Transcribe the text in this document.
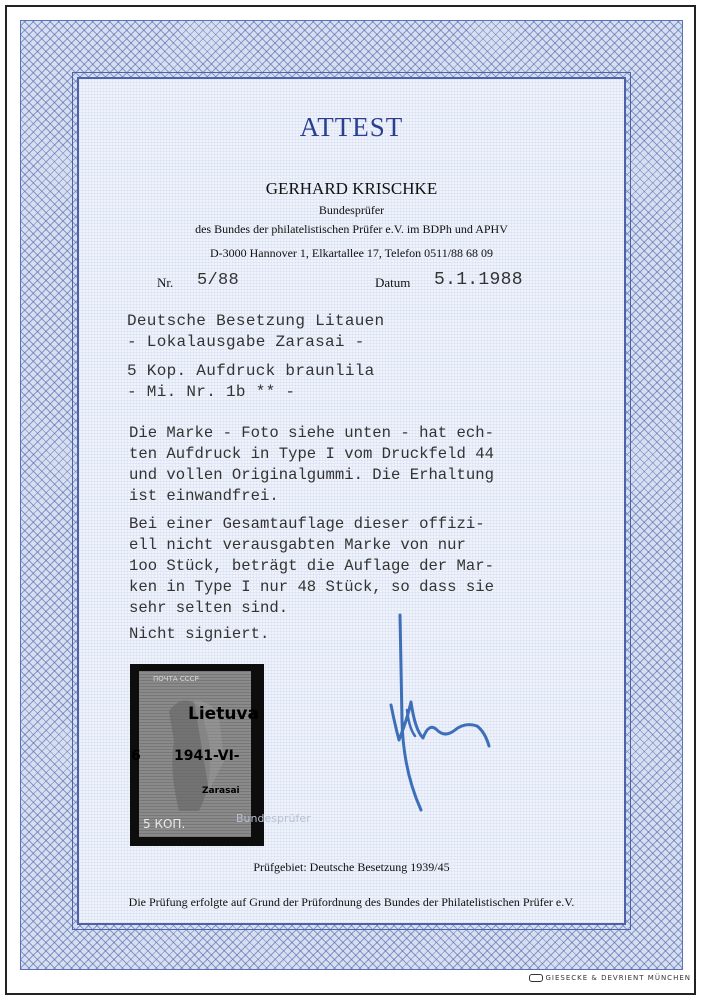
ATTEST
GERHARD KRISCHKE
Bundesprüfer
des Bundes der philatelistischen Prüfer e.V. im BDPh und APHV
D-3000 Hannover 1, Elkartallee 17, Telefon 0511/88 68 09
Nr. 5/88	Datum 5.1.1988
Deutsche Besetzung Litauen
- Lokalausgabe Zarasai -
5 Kop. Aufdruck braunlila
- Mi. Nr. 1b ** -
Die Marke - Foto siehe unten - hat ech-
ten Aufdruck in Type I vom Druckfeld 44
und vollen Originalgummi. Die Erhaltung
ist einwandfrei.
Bei einer Gesamtauflage dieser offizi-
ell nicht verausgabten Marke von nur
1oo Stück, beträgt die Auflage der Mar-
ken in Type I nur 48 Stück, so dass sie
sehr selten sind.
Nicht signiert.
ПОЧТА СССР
5 КОП.
Lietuva
1941-VI-
6
Zarasai
Bundesprüfer
Prüfgebiet: Deutsche Besetzung 1939/45
Die Prüfung erfolgte auf Grund der Prüfordnung des Bundes der Philatelistischen Prüfer e.V.
GIESECKE & DEVRIENT MÜNCHEN
